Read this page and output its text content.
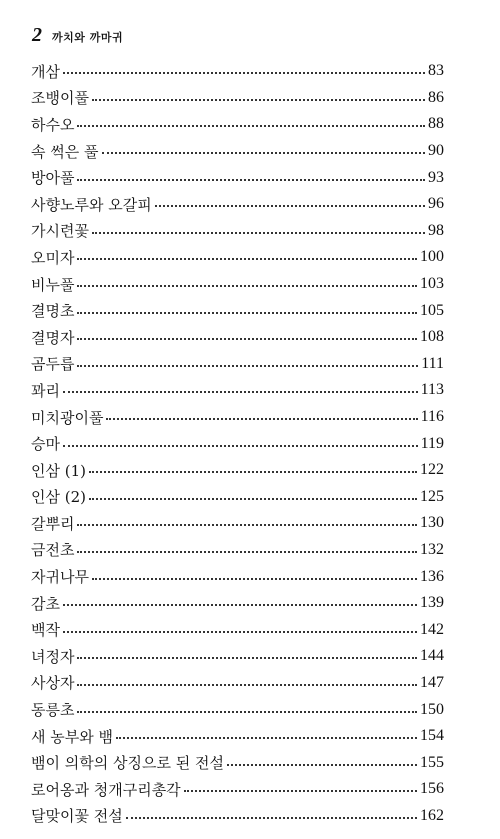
2 까치와 까마귀
개삼	83
조뱅이풀	86
하수오	88
속 썩은 풀	90
방아풀	93
사향노루와 오갈피	96
가시련꽃	98
오미자	100
비누풀	103
결명초	105
결명자	108
곰두릅	111
꽈리	113
미치광이풀	116
승마	119
인삼 (1)	122
인삼 (2)	125
갈뿌리	130
금전초	132
자귀나무	136
감초	139
백작	142
녀정자	144
사상자	147
동릉초	150
새 농부와 뱀	154
뱀이 의학의 상징으로 된 전설	155
로어옹과 청개구리총각	156
달맞이꽃 전설	162
